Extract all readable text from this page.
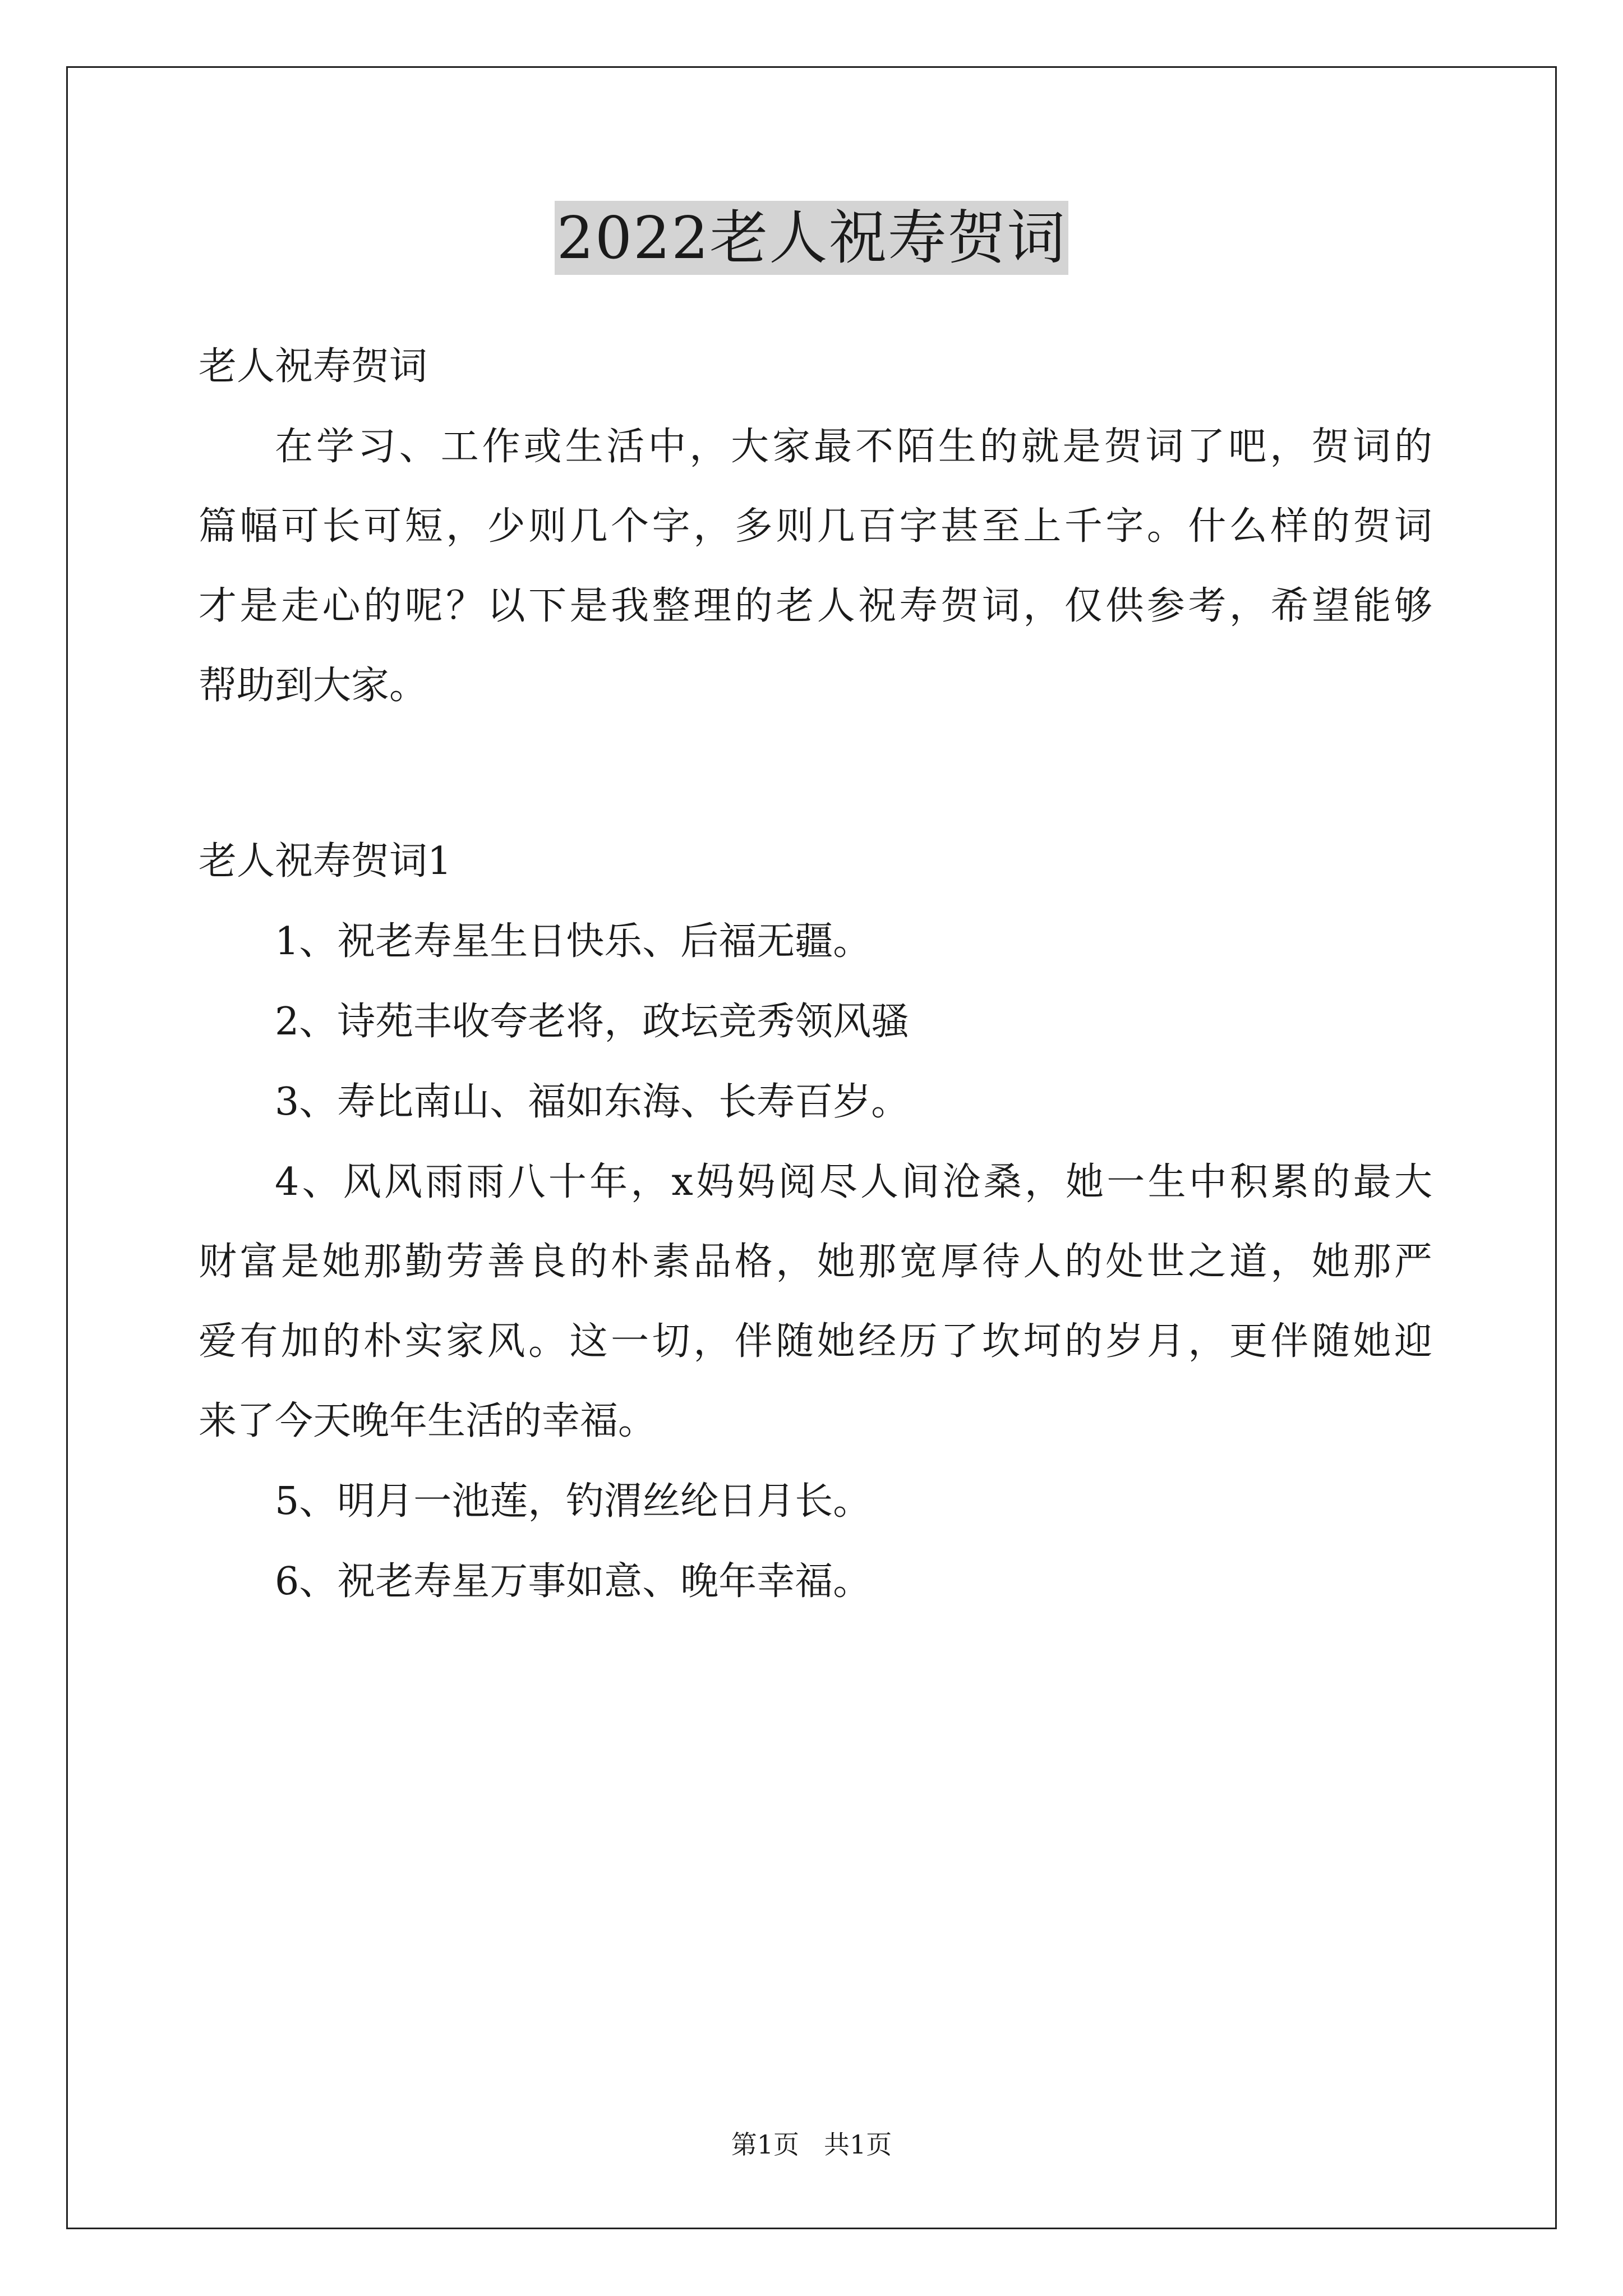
2022老人祝寿贺词
老人祝寿贺词
在学习、工作或生活中，大家最不陌生的就是贺词了吧，贺词的
篇幅可长可短，少则几个字，多则几百字甚至上千字。什么样的贺词
才是走心的呢？以下是我整理的老人祝寿贺词，仅供参考，希望能够
帮助到大家。
老人祝寿贺词1
1、祝老寿星生日快乐、后福无疆。
2、诗苑丰收夸老将，政坛竞秀领风骚
3、寿比南山、福如东海、长寿百岁。
4、风风雨雨八十年，x妈妈阅尽人间沧桑，她一生中积累的最大
财富是她那勤劳善良的朴素品格，她那宽厚待人的处世之道，她那严
爱有加的朴实家风。这一切，伴随她经历了坎坷的岁月，更伴随她迎
来了今天晚年生活的幸福。
5、明月一池莲，钓渭丝纶日月长。
6、祝老寿星万事如意、晚年幸福。
第1页 共1页
